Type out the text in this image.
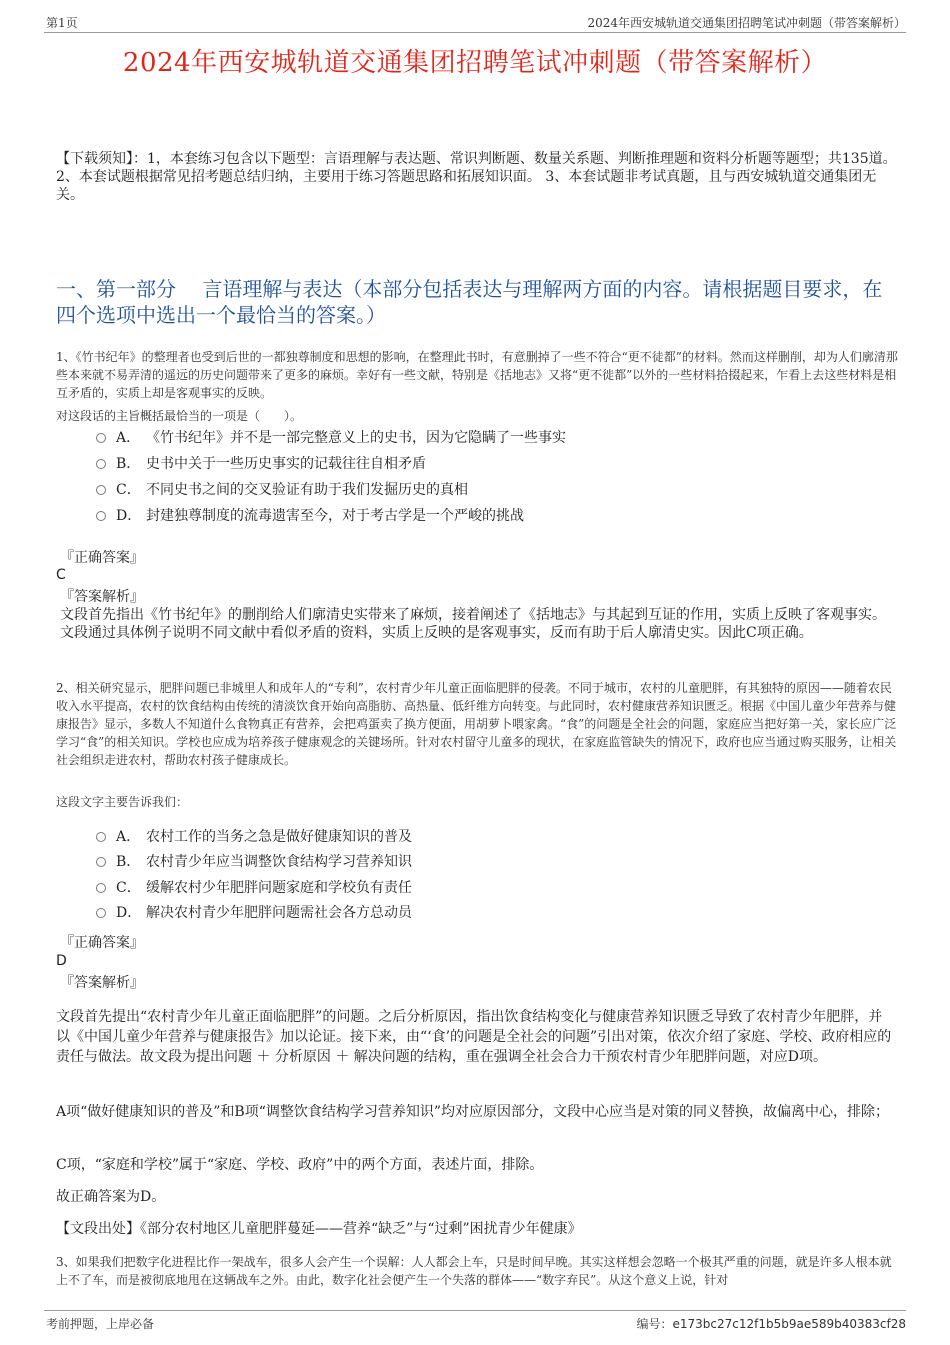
第1页	2024年西安城轨道交通集团招聘笔试冲刺题（带答案解析）
2024年西安城轨道交通集团招聘笔试冲刺题（带答案解析）
【下载须知】：1，本套练习包含以下题型：言语理解与表达题、常识判断题、数量关系题、判断推理题和资料分析题等题型；共135道。 2、本套试题根据常见招考题总结归纳，主要用于练习答题思路和拓展知识面。 3、本套试题非考试真题，且与西安城轨道交通集团无关。
一、第一部分　 言语理解与表达（本部分包括表达与理解两方面的内容。请根据题目要求，在四个选项中选出一个最恰当的答案。）
1、《竹书纪年》的整理者也受到后世的一都独尊制度和思想的影响，在整理此书时，有意删掉了一些不符合“更不徒都”的材料。然而这样删削，却为人们廓清那些本来就不易弄清的遥远的历史问题带来了更多的麻烦。幸好有一些文献，特别是《括地志》又将“更不徙都”以外的一些材料拾掇起来，乍看上去这些材料是相互矛盾的，实质上却是客观事实的反映。
对这段话的主旨概括最恰当的一项是（　　）。
A． 《竹书纪年》并不是一部完整意义上的史书，因为它隐瞒了一些事实
B． 史书中关于一些历史事实的记载往往自相矛盾
C． 不同史书之间的交叉验证有助于我们发掘历史的真相
D． 封建独尊制度的流毒遗害至今，对于考古学是一个严峻的挑战
『正确答案』
C
『答案解析』
文段首先指出《竹书纪年》的删削给人们廓清史实带来了麻烦，接着阐述了《括地志》与其起到互证的作用，实质上反映了客观事实。文段通过具体例子说明不同文献中看似矛盾的资料，实质上反映的是客观事实，反而有助于后人廓清史实。因此C项正确。
2、相关研究显示，肥胖问题已非城里人和成年人的“专利”，农村青少年儿童正面临肥胖的侵袭。不同于城市，农村的儿童肥胖，有其独特的原因——随着农民收入水平提高，农村的饮食结构由传统的清淡饮食开始向高脂肪、高热量、低纤维方向转变。与此同时，农村健康营养知识匮乏。根据《中国儿童少年营养与健康报告》显示，多数人不知道什么食物真正有营养，会把鸡蛋卖了换方便面，用胡萝卜喂家禽。“食”的问题是全社会的问题，家庭应当把好第一关，家长应广泛学习“食”的相关知识。学校也应成为培养孩子健康观念的关键场所。针对农村留守儿童多的现状，在家庭监管缺失的情况下，政府也应当通过购买服务，让相关社会组织走进农村，帮助农村孩子健康成长。
这段文字主要告诉我们：
A． 农村工作的当务之急是做好健康知识的普及
B． 农村青少年应当调整饮食结构学习营养知识
C． 缓解农村少年肥胖问题家庭和学校负有责任
D． 解决农村青少年肥胖问题需社会各方总动员
『正确答案』
D
『答案解析』
文段首先提出“农村青少年儿童正面临肥胖”的问题。之后分析原因，指出饮食结构变化与健康营养知识匮乏导致了农村青少年肥胖，并以《中国儿童少年营养与健康报告》加以论证。接下来，由“‘食’的问题是全社会的问题”引出对策，依次介绍了家庭、学校、政府相应的责任与做法。故文段为提出问题 ＋ 分析原因 ＋ 解决问题的结构，重在强调全社会合力干预农村青少年肥胖问题，对应D项。
A项“做好健康知识的普及”和B项“调整饮食结构学习营养知识”均对应原因部分，文段中心应当是对策的同义替换，故偏离中心，排除；
C项，“家庭和学校”属于“家庭、学校、政府”中的两个方面，表述片面，排除。
故正确答案为D。
【文段出处】《部分农村地区儿童肥胖蔓延——营养“缺乏”与“过剩”困扰青少年健康》
3、如果我们把数字化进程比作一架战车，很多人会产生一个误解：人人都会上车，只是时间早晚。其实这样想会忽略一个极其严重的问题，就是许多人根本就上不了车，而是被彻底地甩在这辆战车之外。由此，数字化社会便产生一个失落的群体——“数字弃民”。从这个意义上说，针对
考前押题，上岸必备	编号：e173bc27c12f1b5b9ae589b40383cf28
